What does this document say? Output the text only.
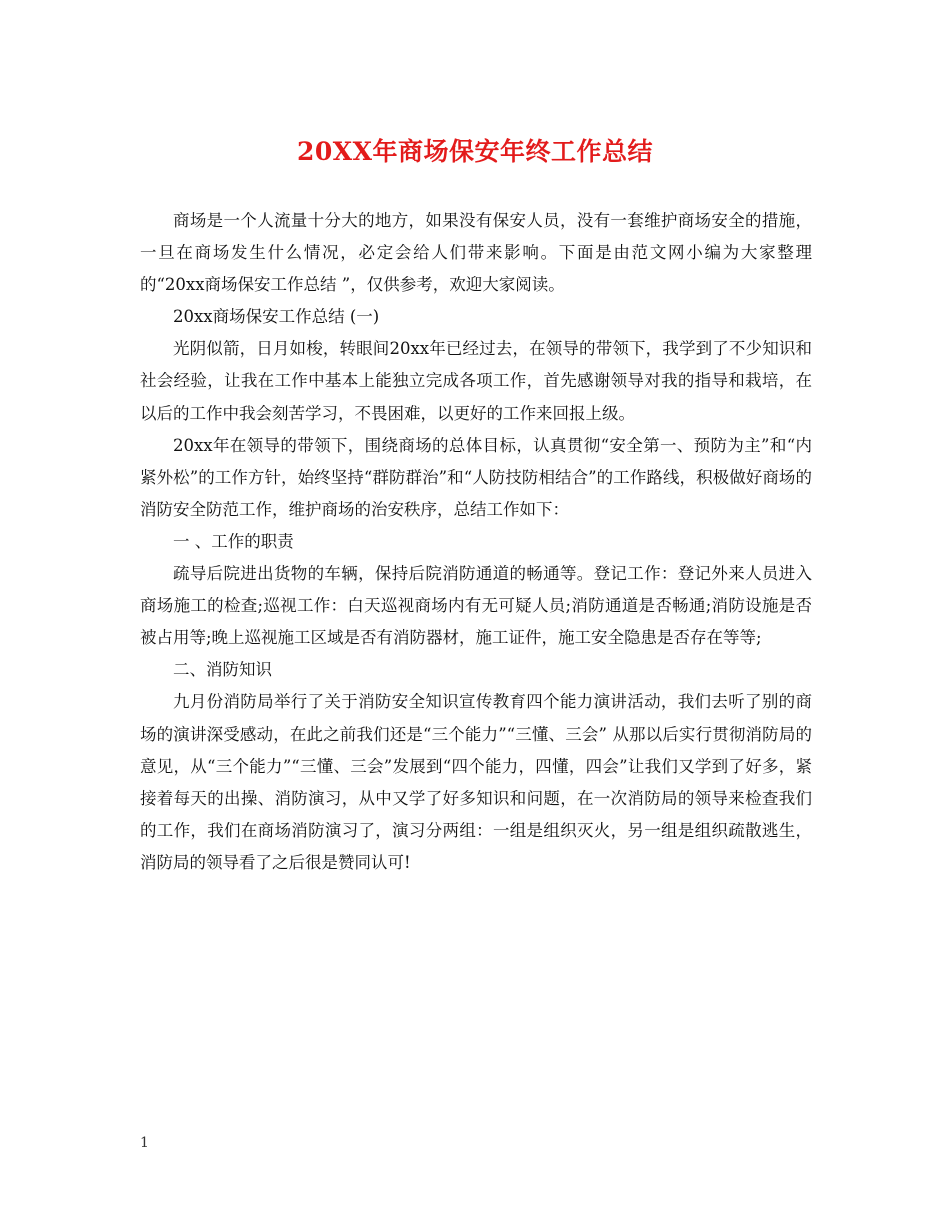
20XX年商场保安年终工作总结

商场是一个人流量十分大的地方，如果没有保安人员，没有一套维护商场安全的措施，一旦在商场发生什么情况，必定会给人们带来影响。下面是由范文网小编为大家整理的“20xx商场保安工作总结 ”，仅供参考，欢迎大家阅读。

20xx商场保安工作总结 (一)

光阴似箭，日月如梭，转眼间20xx年已经过去，在领导的带领下，我学到了不少知识和社会经验，让我在工作中基本上能独立完成各项工作，首先感谢领导对我的指导和栽培，在以后的工作中我会刻苦学习，不畏困难，以更好的工作来回报上级。

20xx年在领导的带领下，围绕商场的总体目标，认真贯彻“安全第一、预防为主”和“内紧外松”的工作方针，始终坚持“群防群治”和“人防技防相结合”的工作路线，积极做好商场的消防安全防范工作，维护商场的治安秩序，总结工作如下：

一 、工作的职责

疏导后院进出货物的车辆，保持后院消防通道的畅通等。登记工作：登记外来人员进入商场施工的检查;巡视工作：白天巡视商场内有无可疑人员;消防通道是否畅通;消防设施是否被占用等;晚上巡视施工区域是否有消防器材，施工证件，施工安全隐患是否存在等等;

二、消防知识

九月份消防局举行了关于消防安全知识宣传教育四个能力演讲活动，我们去听了别的商场的演讲深受感动，在此之前我们还是“三个能力”“三懂、三会” 从那以后实行贯彻消防局的意见，从“三个能力”“三懂、三会”发展到“四个能力，四懂，四会”让我们又学到了好多，紧接着每天的出操、消防演习，从中又学了好多知识和问题，在一次消防局的领导来检查我们的工作，我们在商场消防演习了，演习分两组：一组是组织灭火，另一组是组织疏散逃生，消防局的领导看了之后很是赞同认可!

1
